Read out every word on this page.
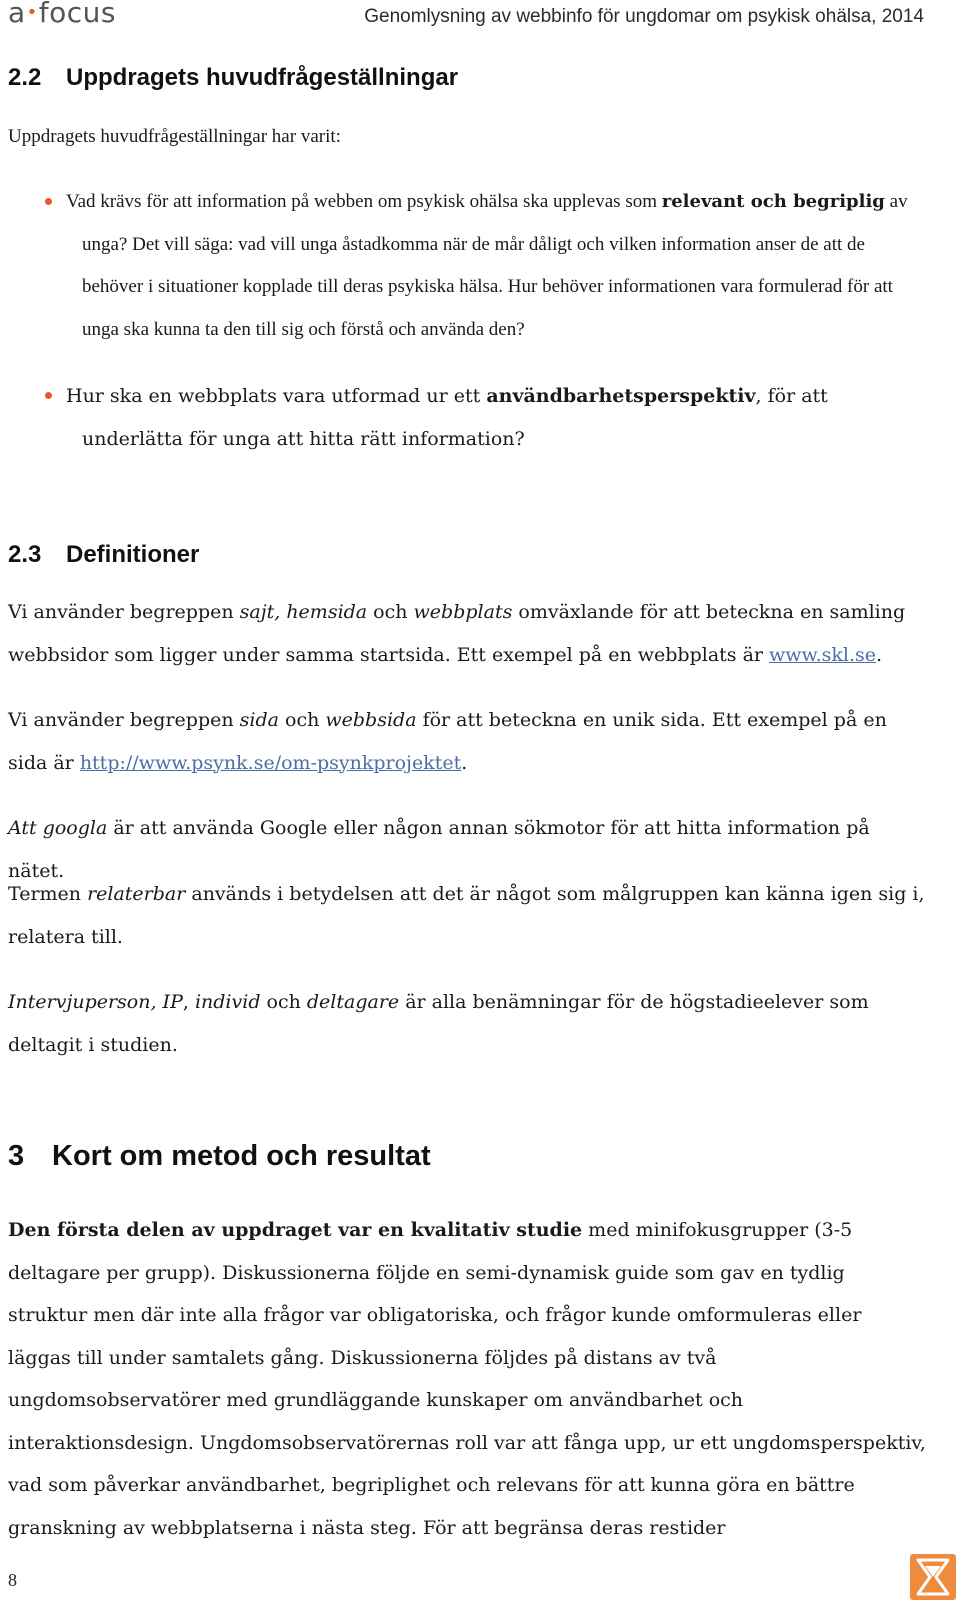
a•focus	Genomlysning av webbinfo för ungdomar om psykisk ohälsa, 2014
2.2 Uppdragets huvudfrågeställningar
Uppdragets huvudfrågeställningar har varit:
Vad krävs för att information på webben om psykisk ohälsa ska upplevas som relevant och begriplig av unga? Det vill säga: vad vill unga åstadkomma när de mår dåligt och vilken information anser de att de behöver i situationer kopplade till deras psykiska hälsa. Hur behöver informationen vara formulerad för att unga ska kunna ta den till sig och förstå och använda den?
Hur ska en webbplats vara utformad ur ett användbarhetsperspektiv, för att underlätta för unga att hitta rätt information?
2.3 Definitioner
Vi använder begreppen sajt, hemsida och webbplats omväxlande för att beteckna en samling webbsidor som ligger under samma startsida. Ett exempel på en webbplats är www.skl.se.
Vi använder begreppen sida och webbsida för att beteckna en unik sida. Ett exempel på en sida är http://www.psynk.se/om-psynkprojektet.
Att googla är att använda Google eller någon annan sökmotor för att hitta information på nätet.
Termen relaterbar används i betydelsen att det är något som målgruppen kan känna igen sig i, relatera till.
Intervjuperson, IP, individ och deltagare är alla benämningar för de högstadieelever som deltagit i studien.
3 Kort om metod och resultat
Den första delen av uppdraget var en kvalitativ studie med minifokusgrupper (3-5 deltagare per grupp). Diskussionerna följde en semi-dynamisk guide som gav en tydlig struktur men där inte alla frågor var obligatoriska, och frågor kunde omformuleras eller läggas till under samtalets gång. Diskussionerna följdes på distans av två ungdomsobservatörer med grundläggande kunskaper om användbarhet och interaktionsdesign. Ungdomsobservatörernas roll var att fånga upp, ur ett ungdomsperspektiv, vad som påverkar användbarhet, begriplighet och relevans för att kunna göra en bättre granskning av webbplatserna i nästa steg. För att begränsa deras restider
8
